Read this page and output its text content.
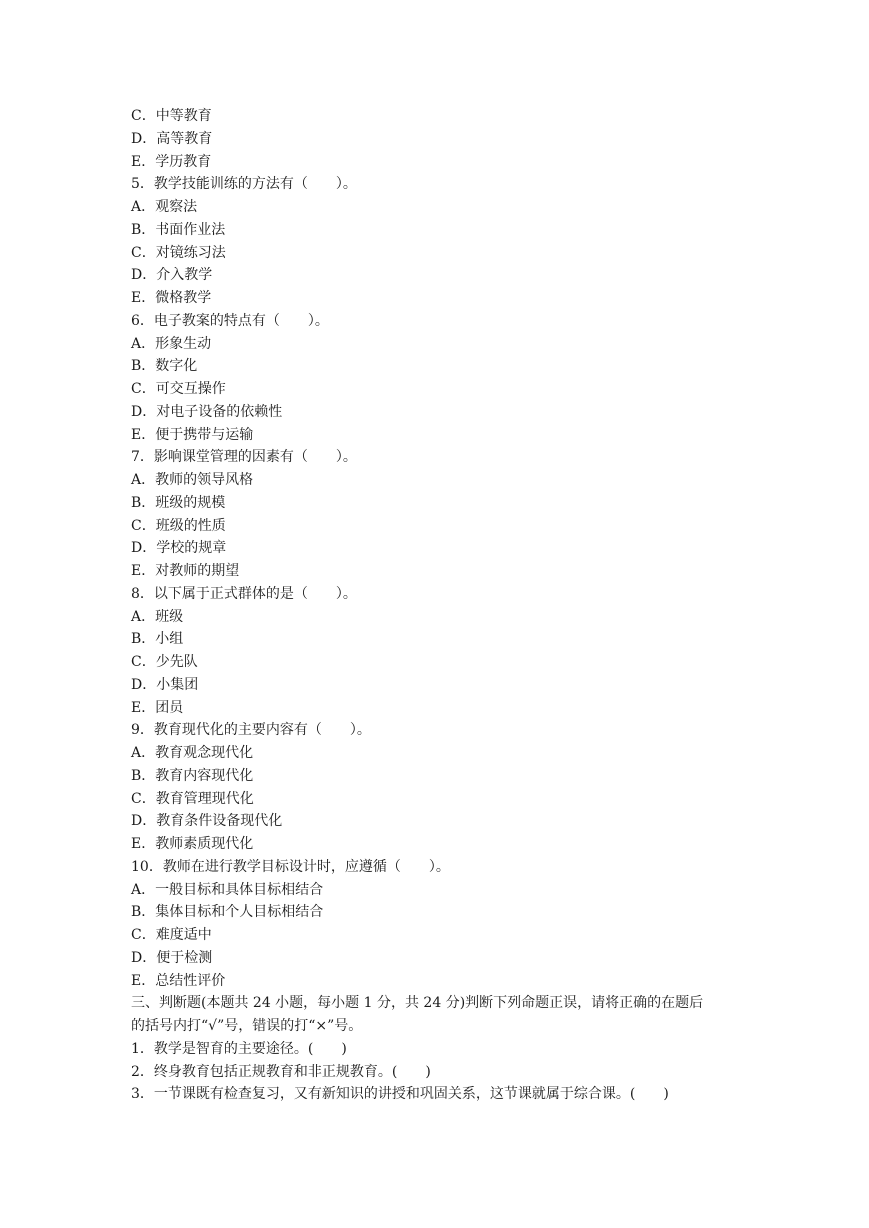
C．中等教育
D．高等教育
E．学历教育
5．教学技能训练的方法有（　　）。
A．观察法
B．书面作业法
C．对镜练习法
D．介入教学
E．微格教学
6．电子教案的特点有（　　）。
A．形象生动
B．数字化
C．可交互操作
D．对电子设备的依赖性
E．便于携带与运输
7．影响课堂管理的因素有（　　）。
A．教师的领导风格
B．班级的规模
C．班级的性质
D．学校的规章
E．对教师的期望
8．以下属于正式群体的是（　　）。
A．班级
B．小组
C．少先队
D．小集团
E．团员
9．教育现代化的主要内容有（　　）。
A．教育观念现代化
B．教育内容现代化
C．教育管理现代化
D．教育条件设备现代化
E．教师素质现代化
10．教师在进行教学目标设计时，应遵循（　　）。
A．一般目标和具体目标相结合
B．集体目标和个人目标相结合
C．难度适中
D．便于检测
E．总结性评价
三、判断题(本题共 24 小题，每小题 1 分，共 24 分)判断下列命题正误，请将正确的在题后
的括号内打“√”号，错误的打“×”号。
1．教学是智育的主要途径。(　　)
2．终身教育包括正规教育和非正规教育。(　　)
3．一节课既有检查复习，又有新知识的讲授和巩固关系，这节课就属于综合课。(　　)
